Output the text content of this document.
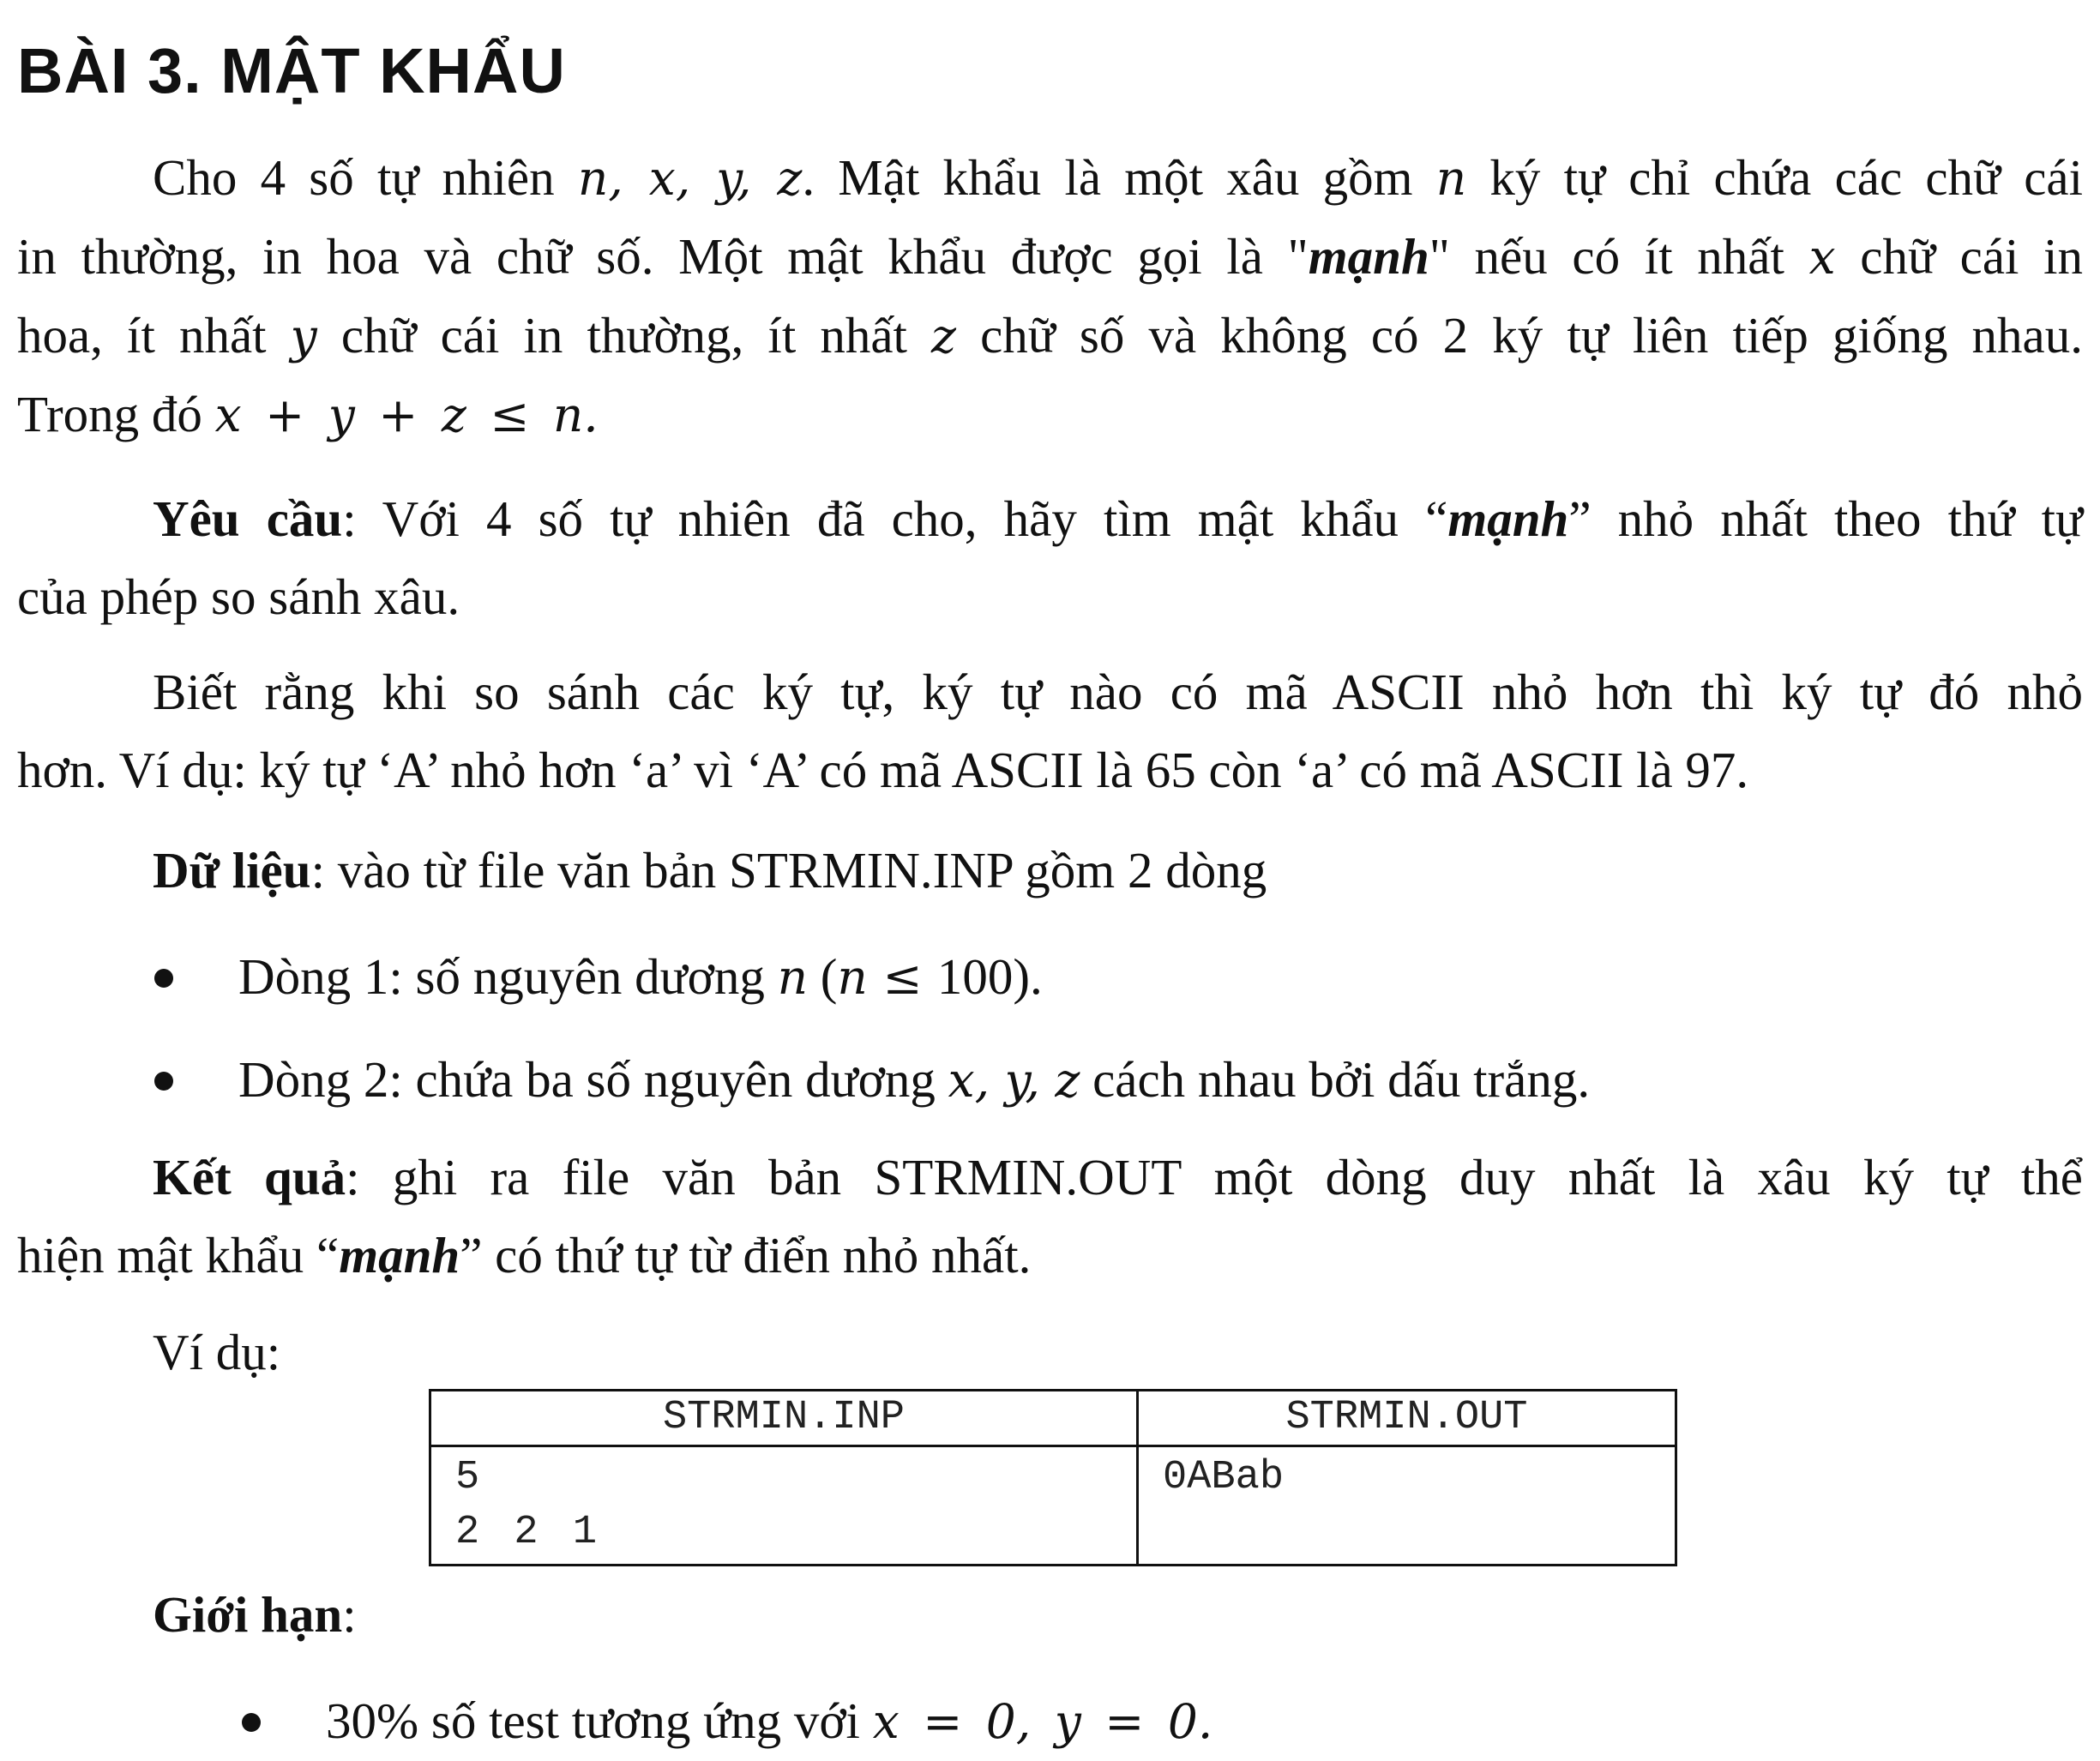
BÀI 3. MẬT KHẨU
Cho 4 số tự nhiên n, x, y, z. Mật khẩu là một xâu gồm n ký tự chỉ chứa các chữ cái
in thường, in hoa và chữ số. Một mật khẩu được gọi là "mạnh" nếu có ít nhất x chữ cái in
hoa, ít nhất y chữ cái in thường, ít nhất z chữ số và không có 2 ký tự liên tiếp giống nhau.
Trong đó x + y + z ≤ n.
Yêu cầu: Với 4 số tự nhiên đã cho, hãy tìm mật khẩu “mạnh” nhỏ nhất theo thứ tự
của phép so sánh xâu.
Biết rằng khi so sánh các ký tự, ký tự nào có mã ASCII nhỏ hơn thì ký tự đó nhỏ
hơn. Ví dụ: ký tự ‘A’ nhỏ hơn ‘a’ vì ‘A’ có mã ASCII là 65 còn ‘a’ có mã ASCII là 97.
Dữ liệu: vào từ file văn bản STRMIN.INP gồm 2 dòng
Dòng 1: số nguyên dương n (n ≤ 100).
Dòng 2: chứa ba số nguyên dương x, y, z cách nhau bởi dấu trắng.
Kết quả: ghi ra file văn bản STRMIN.OUT một dòng duy nhất là xâu ký tự thể
hiện mật khẩu “mạnh” có thứ tự từ điển nhỏ nhất.
Ví dụ:
STRMIN.INP	STRMIN.OUT

5
2 2 1	0ABab
Giới hạn:
30% số test tương ứng với x = 0, y = 0.
